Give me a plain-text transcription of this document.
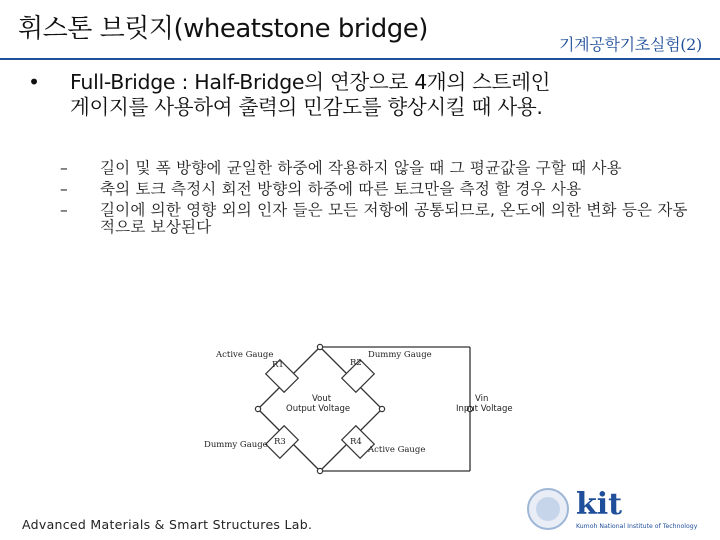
휘스톤 브릿지(wheatstone bridge)
기계공학기초실험(2)
• Full-Bridge : Half-Bridge의 연장으로 4개의 스트레인
게이지를 사용하여 출력의 민감도를 향상시킬 때 사용.
– 길이 및 폭 방향에 균일한 하중에 작용하지 않을 때 그 평균값을 구할 때 사용
– 축의 토크 측정시 회전 방향의 하중에 따른 토크만을 측정 할 경우 사용
– 길이에 의한 영향 외의 인자 들은 모든 저항에 공통되므로, 온도에 의한 변화 등은 자동적으로 보상된다
Active Gauge	Dummy Gauge
Dummy Gauge	Active Gauge
R1	R2
R3	R4
Vout
Output Voltage
Vin
Input Voltage
Advanced Materials & Smart Structures Lab.
kit
Kumoh National Institute of Technology
